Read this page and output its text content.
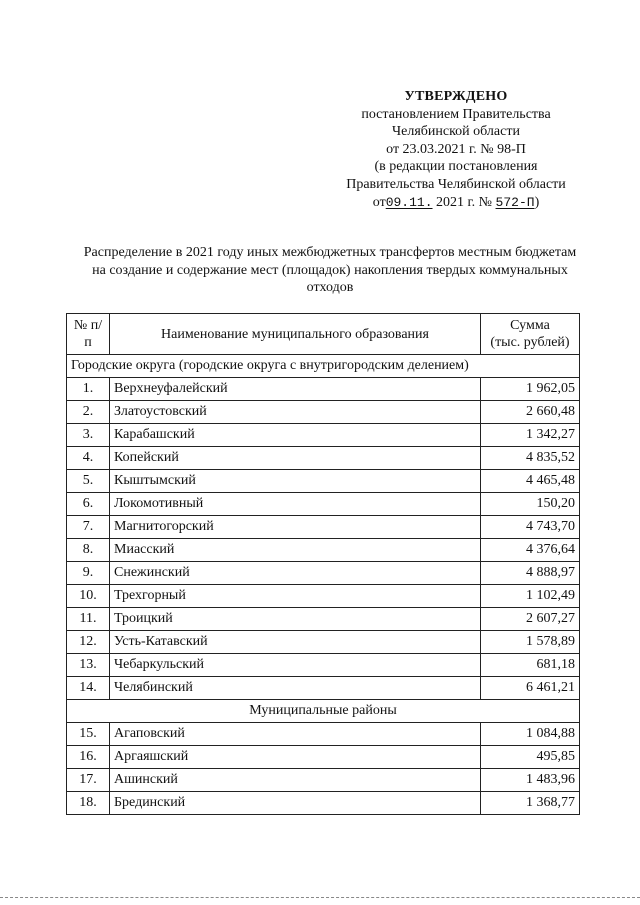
УТВЕРЖДЕНО
постановлением Правительства
Челябинской области
от 23.03.2021 г. № 98-П
(в редакции постановления
Правительства Челябинской области
от09.11. 2021 г. № 572-П)
Распределение в 2021 году иных межбюджетных трансфертов местным бюджетам на создание и содержание мест (площадок) накопления твердых коммунальных отходов
№ п/п	Наименование муниципального образования	Сумма
(тыс. рублей)

Городские округа (городские округа с внутригородским делением)		
1.	Верхнеуфалейский	1 962,05
2.	Златоустовский	2 660,48
3.	Карабашский	1 342,27
4.	Копейский	4 835,52
5.	Кыштымский	4 465,48
6.	Локомотивный	150,20
7.	Магнитогорский	4 743,70
8.	Миасский	4 376,64
9.	Снежинский	4 888,97
10.	Трехгорный	1 102,49
11.	Троицкий	2 607,27
12.	Усть-Катавский	1 578,89
13.	Чебаркульский	681,18
14.	Челябинский	6 461,21
Муниципальные районы		
15.	Агаповский	1 084,88
16.	Аргаяшский	495,85
17.	Ашинский	1 483,96
18.	Брединский	1 368,77
